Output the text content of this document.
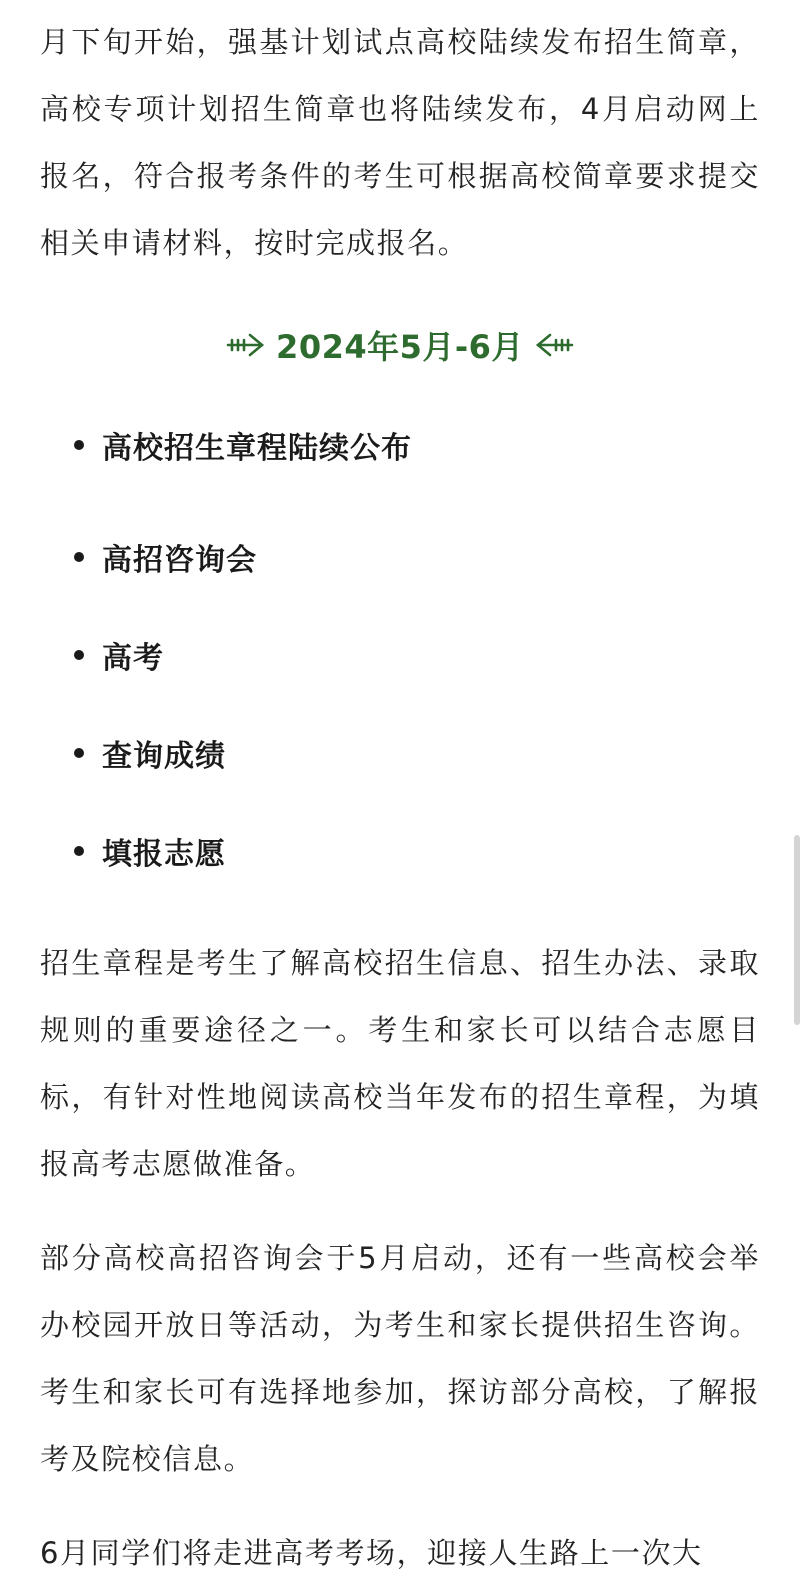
月下旬开始，强基计划试点高校陆续发布招生简章，高校专项计划招生简章也将陆续发布，4月启动网上报名，符合报考条件的考生可根据高校简章要求提交相关申请材料，按时完成报名。

2024年5月-6月
高校招生章程陆续公布
高招咨询会
高考
查询成绩
填报志愿

招生章程是考生了解高校招生信息、招生办法、录取规则的重要途径之一。考生和家长可以结合志愿目标，有针对性地阅读高校当年发布的招生章程，为填报高考志愿做准备。

部分高校高招咨询会于5月启动，还有一些高校会举办校园开放日等活动，为考生和家长提供招生咨询。考生和家长可有选择地参加，探访部分高校，了解报考及院校信息。

6月同学们将走进高考考场，迎接人生路上一次大
